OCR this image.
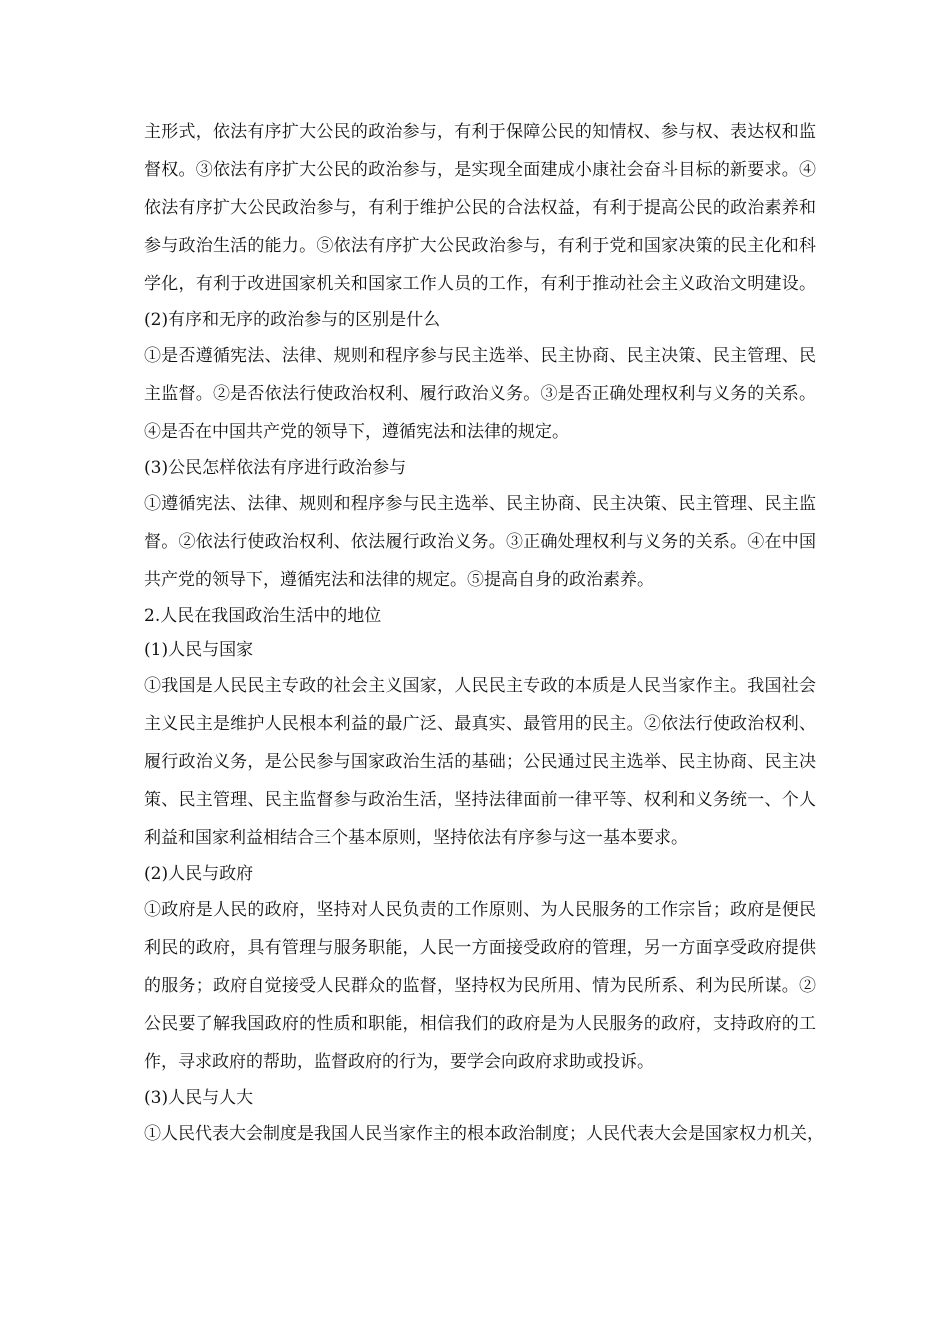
主形式，依法有序扩大公民的政治参与，有利于保障公民的知情权、参与权、表达权和监
督权。③依法有序扩大公民的政治参与，是实现全面建成小康社会奋斗目标的新要求。④
依法有序扩大公民政治参与，有利于维护公民的合法权益，有利于提高公民的政治素养和
参与政治生活的能力。⑤依法有序扩大公民政治参与，有利于党和国家决策的民主化和科
学化，有利于改进国家机关和国家工作人员的工作，有利于推动社会主义政治文明建设。
(2)有序和无序的政治参与的区别是什么
①是否遵循宪法、法律、规则和程序参与民主选举、民主协商、民主决策、民主管理、民
主监督。②是否依法行使政治权利、履行政治义务。③是否正确处理权利与义务的关系。
④是否在中国共产党的领导下，遵循宪法和法律的规定。
(3)公民怎样依法有序进行政治参与
①遵循宪法、法律、规则和程序参与民主选举、民主协商、民主决策、民主管理、民主监
督。②依法行使政治权利、依法履行政治义务。③正确处理权利与义务的关系。④在中国
共产党的领导下，遵循宪法和法律的规定。⑤提高自身的政治素养。
2.人民在我国政治生活中的地位
(1)人民与国家
①我国是人民民主专政的社会主义国家，人民民主专政的本质是人民当家作主。我国社会
主义民主是维护人民根本利益的最广泛、最真实、最管用的民主。②依法行使政治权利、
履行政治义务，是公民参与国家政治生活的基础；公民通过民主选举、民主协商、民主决
策、民主管理、民主监督参与政治生活，坚持法律面前一律平等、权利和义务统一、个人
利益和国家利益相结合三个基本原则，坚持依法有序参与这一基本要求。
(2)人民与政府
①政府是人民的政府，坚持对人民负责的工作原则、为人民服务的工作宗旨；政府是便民
利民的政府，具有管理与服务职能，人民一方面接受政府的管理，另一方面享受政府提供
的服务；政府自觉接受人民群众的监督，坚持权为民所用、情为民所系、利为民所谋。②
公民要了解我国政府的性质和职能，相信我们的政府是为人民服务的政府，支持政府的工
作，寻求政府的帮助，监督政府的行为，要学会向政府求助或投诉。
(3)人民与人大
①人民代表大会制度是我国人民当家作主的根本政治制度；人民代表大会是国家权力机关，
